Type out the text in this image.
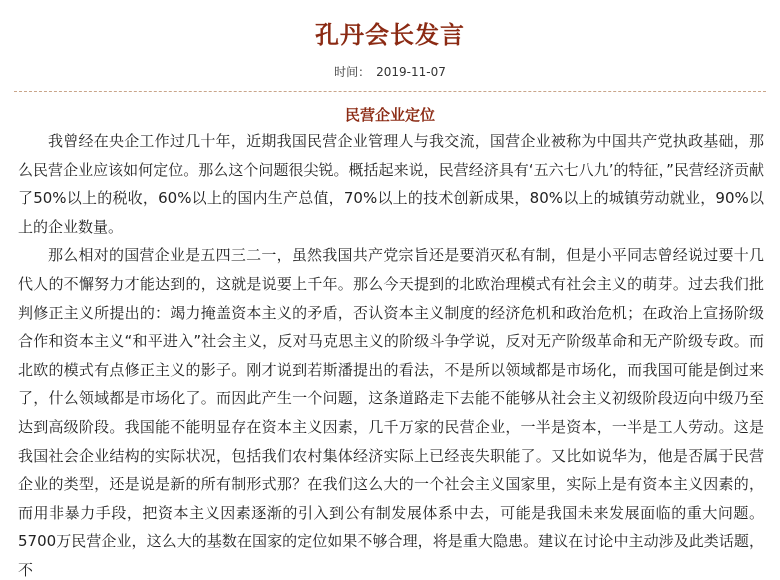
孔丹会长发言
时间： 2019-11-07
民营企业定位

我曾经在央企工作过几十年，近期我国民营企业管理人与我交流，国营企业被称为中国共产党执政基础，那么民营企业应该如何定位。那么这个问题很尖锐。概括起来说，民营经济具有‘五六七八九’的特征，”民营经济贡献了50%以上的税收，60%以上的国内生产总值，70%以上的技术创新成果，80%以上的城镇劳动就业，90%以上的企业数量。

那么相对的国营企业是五四三二一，虽然我国共产党宗旨还是要消灭私有制，但是小平同志曾经说过要十几代人的不懈努力才能达到的，这就是说要上千年。那么今天提到的北欧治理模式有社会主义的萌芽。过去我们批判修正主义所提出的：竭力掩盖资本主义的矛盾，否认资本主义制度的经济危机和政治危机；在政治上宣扬阶级合作和资本主义“和平进入”社会主义，反对马克思主义的阶级斗争学说，反对无产阶级革命和无产阶级专政。而北欧的模式有点修正主义的影子。刚才说到若斯潘提出的看法，不是所以领域都是市场化，而我国可能是倒过来了，什么领域都是市场化了。而因此产生一个问题，这条道路走下去能不能够从社会主义初级阶段迈向中级乃至达到高级阶段。我国能不能明显存在资本主义因素，几千万家的民营企业，一半是资本，一半是工人劳动。这是我国社会企业结构的实际状况，包括我们农村集体经济实际上已经丧失职能了。又比如说华为，他是否属于民营企业的类型，还是说是新的所有制形式那？在我们这么大的一个社会主义国家里，实际上是有资本主义因素的，而用非暴力手段，把资本主义因素逐渐的引入到公有制发展体系中去，可能是我国未来发展面临的重大问题。5700万民营企业，这么大的基数在国家的定位如果不够合理，将是重大隐患。建议在讨论中主动涉及此类话题，不
